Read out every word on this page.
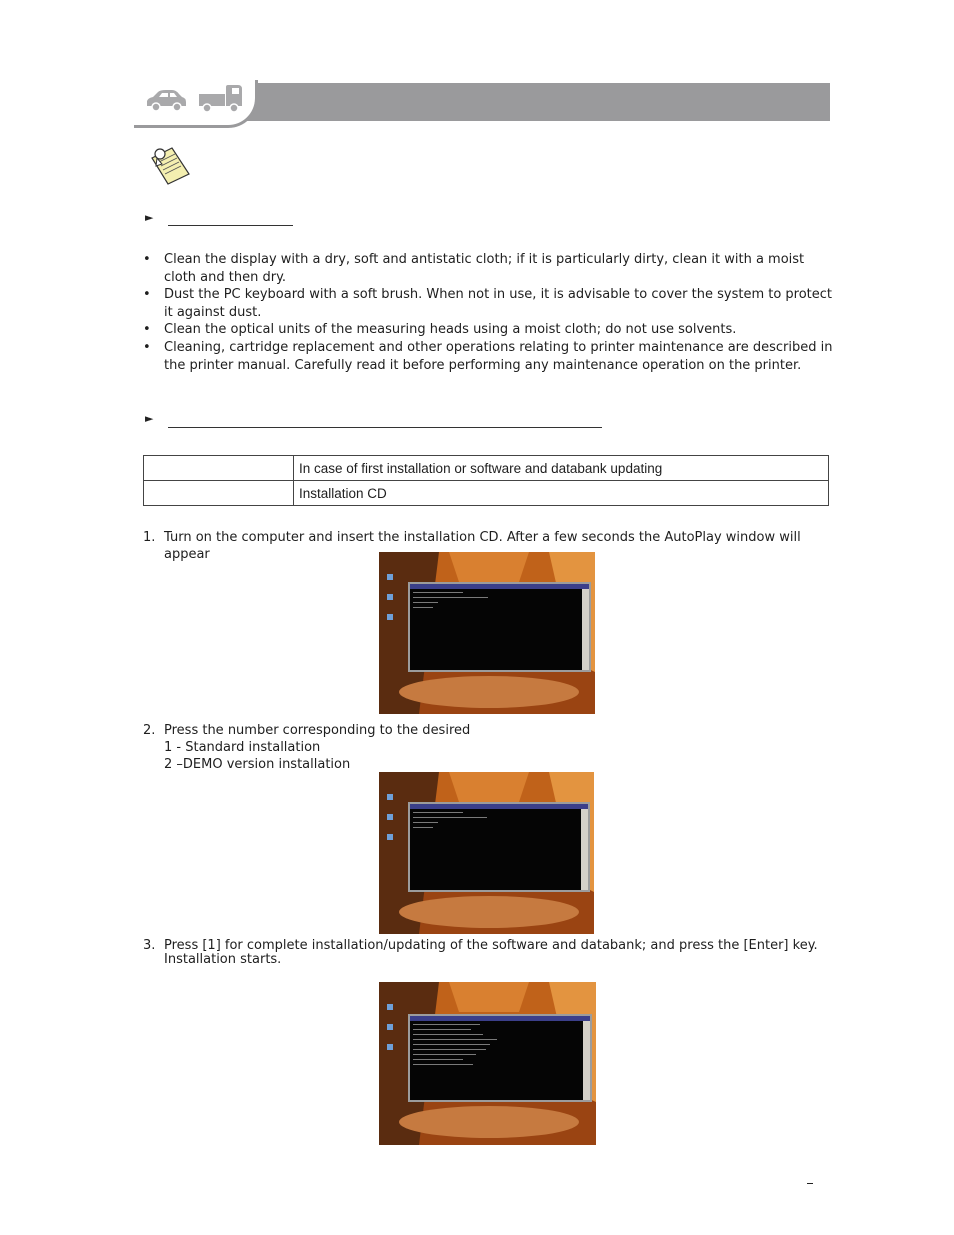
►
• Clean the display with a dry, soft and antistatic cloth; if it is particularly dirty, clean it with a moist cloth and then dry.
• Dust the PC keyboard with a soft brush. When not in use, it is advisable to cover the system to protect it against dust.
• Clean the optical units of the measuring heads using a moist cloth; do not use solvents.
• Cleaning, cartridge replacement and other operations relating to printer maintenance are described in the printer manual. Carefully read it before performing any maintenance operation on the printer.
►
	In case of first installation or software and databank updating
	Installation CD
1. Turn on the computer and insert the installation CD. After a few seconds the AutoPlay window will appear
2. Press the number corresponding to the desired
1 - Standard installation
2 –DEMO version installation
3. Press [1] for complete installation/updating of the software and databank; and press the [Enter] key. Installation starts.
